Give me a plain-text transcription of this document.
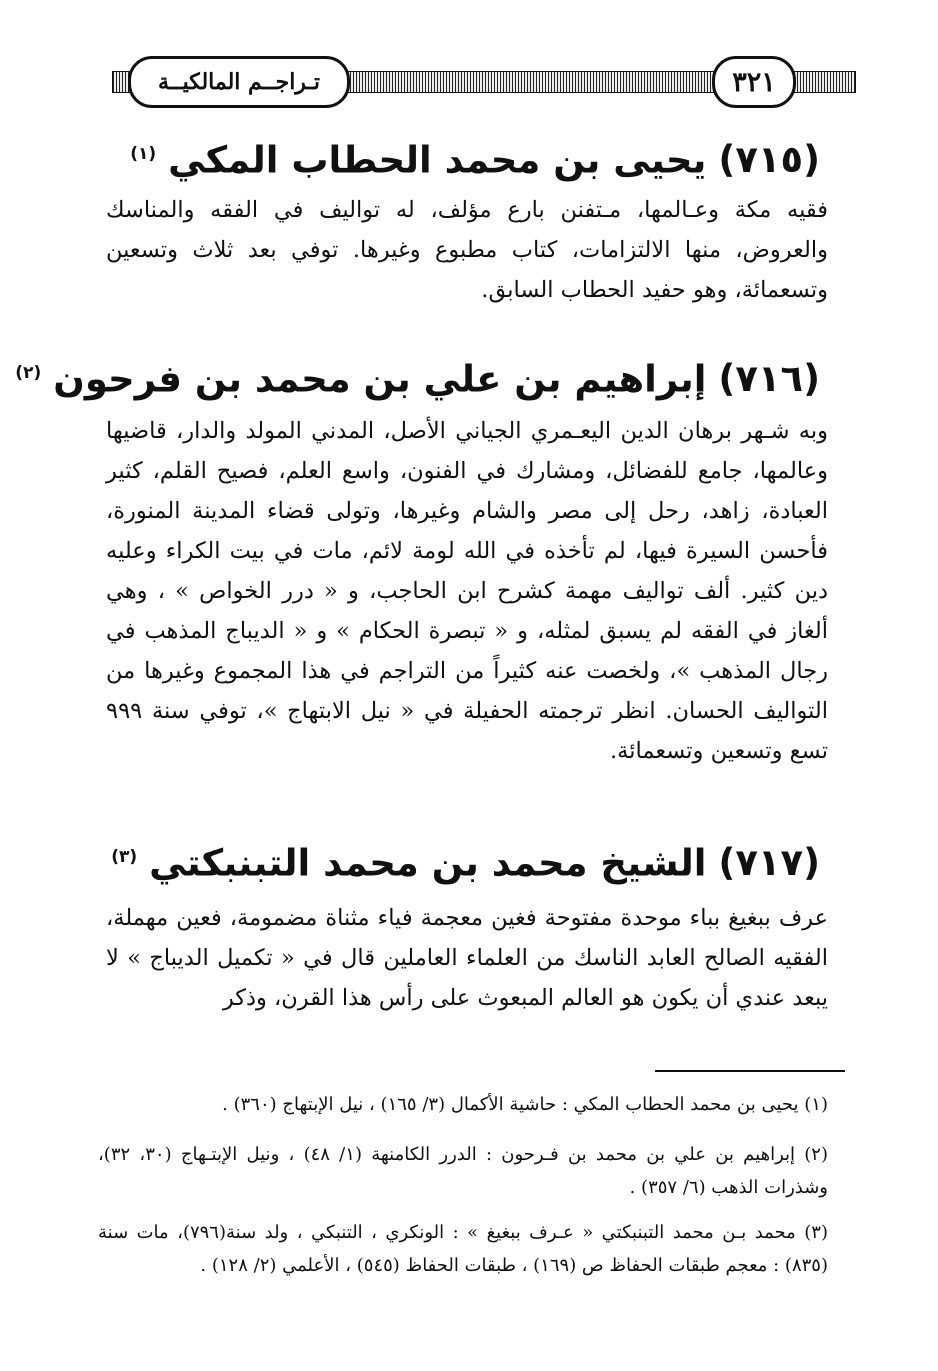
٣٢١
تـراجــم المالكيــة
(٧١٥)يحيى بن محمد الحطاب المكي$^{(١)}$
فقيه مكة وعـالمها، مـتفنن بارع مؤلف، له تواليف في الفقه والمناسك والعروض، منها الالتزامات، كتاب مطبوع وغيرها. توفي بعد ثلاث وتسعين وتسعمائة، وهو حفيد الحطاب السابق.
(٧١٦)إبراهيم بن علي بن محمد بن فرحون$^{(٢)}$
وبه شـهر برهان الدين اليعـمري الجياني الأصل، المدني المولد والدار، قاضيها وعالمها، جامع للفضائل، ومشارك في الفنون، واسع العلم، فصيح القلم، كثير العبادة، زاهد، رحل إلى مصر والشام وغيرها، وتولى قضاء المدينة المنورة، فأحسن السيرة فيها، لم تأخذه في الله لومة لائم، مات في بيت الكراء وعليه دين كثير. ألف تواليف مهمة كشرح ابن الحاجب، و « درر الخواص » ، وهي ألغاز في الفقه لم يسبق لمثله، و « تبصرة الحكام » و « الديباج المذهب في رجال المذهب »، ولخصت عنه كثيراً من التراجم في هذا المجموع وغيرها من التواليف الحسان. انظر ترجمته الحفيلة في « نيل الابتهاج »، توفي سنة ٩٩٩ تسع وتسعين وتسعمائة.
(٧١٧)الشيخ محمد بن محمد التبنبكتي$^{(٣)}$
عرف ببغيغ بباء موحدة مفتوحة فغين معجمة فياء مثناة مضمومة، فعين مهملة، الفقيه الصالح العابد الناسك من العلماء العاملين قال في « تكميل الديباج » لا يبعد عندي أن يكون هو العالم المبعوث على رأس هذا القرن، وذكر
(١) يحيى بن محمد الحطاب المكي : حاشية الأكمال (٣/ ١٦٥) ، نيل الإبتهاج (٣٦٠) .
(٢) إبراهيم بن علي بن محمد بن فـرحون : الدرر الكامنهة (١/ ٤٨) ، ونيل الإبتـهاج (٣٠، ٣٢)، وشذرات الذهب (٦/ ٣٥٧) .
(٣) محمد بـن محمد التبنبكتي « عـرف ببغيغ » : الونكري ، التنبكي ، ولد سنة(٧٩٦)، مات سنة (٨٣٥) : معجم طبقات الحفاظ ص (١٦٩) ، طبقات الحفاظ (٥٤٥) ، الأعلمي (٢/ ١٢٨) .
